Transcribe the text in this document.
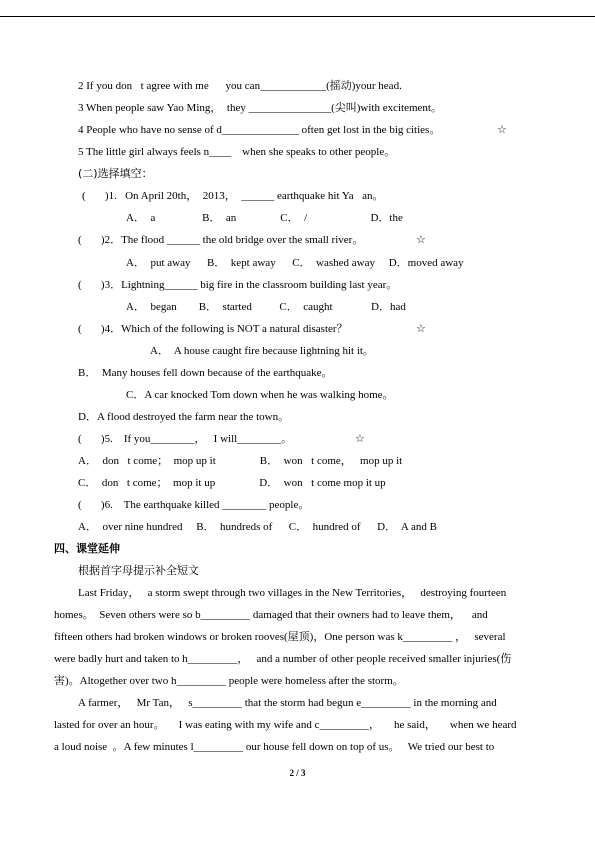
2 If you don t agree with me，   you can____________(摇动)your head.
3 When people saw Yao Ming，  they _______________(尖叫)with excitement。
4 People who have no sense of d______________ often get lost in the big cities。	☆
5 The little girl always feels n____    when she speaks to other people。
(二)选择填空：
(       )1.   On April 20th，  2013，  ______ earthquake hit Ya an。
A．  a                 B．  an                C．  /                       D．the
(       )2．The flood ______ the old bridge over the small river。	☆
A．  put away      B．  kept away      C．  washed away     D．moved away
(       )3．Lightning______ big fire in the classroom building last year。
A．  began        B．  started          C．  caught              D．had
(       )4．Which of the following is NOT a natural disaster？	☆
A．  A house caught fire because lightning hit it。
B．  Many houses fell down because of the earthquake。
C．A car knocked Tom down when he was walking home。
D．A flood destroyed the farm near the town。
(       )5.    If you________，   I will________。	☆
A．  don t come；  mop up it                B．  won t come，   mop up it
C．  don t come；  mop it up                D．  won t come mop it up
(       )6.    The earthquake killed ________ people。
A．  over nine hundred     B．  hundreds of      C．  hundred of      D．  A and B
四、课堂延伸
根据首字母提示补全短文
Last Friday，   a storm swept through two villages in the New Territories，   destroying fourteen
homes。  Seven others were so b_________ damaged that their owners had to leave them，    and
fifteen others had broken windows or broken rooves(屋顶)，One person was k_________ ，   several
were badly hurt and taken to h_________，   and a number of other people received smaller injuries(伤
害)。Altogether over two h_________ people were homeless after the storm。
A farmer，   Mr Tan，   s_________ that the storm had begun e_________ in the morning and
lasted for over an hour。   I was eating with my wife and c_________，   he said，   when we heard
a loud noise  。A few minutes l_________ our house fell down on top of us。   We tried our best to
2 / 3
